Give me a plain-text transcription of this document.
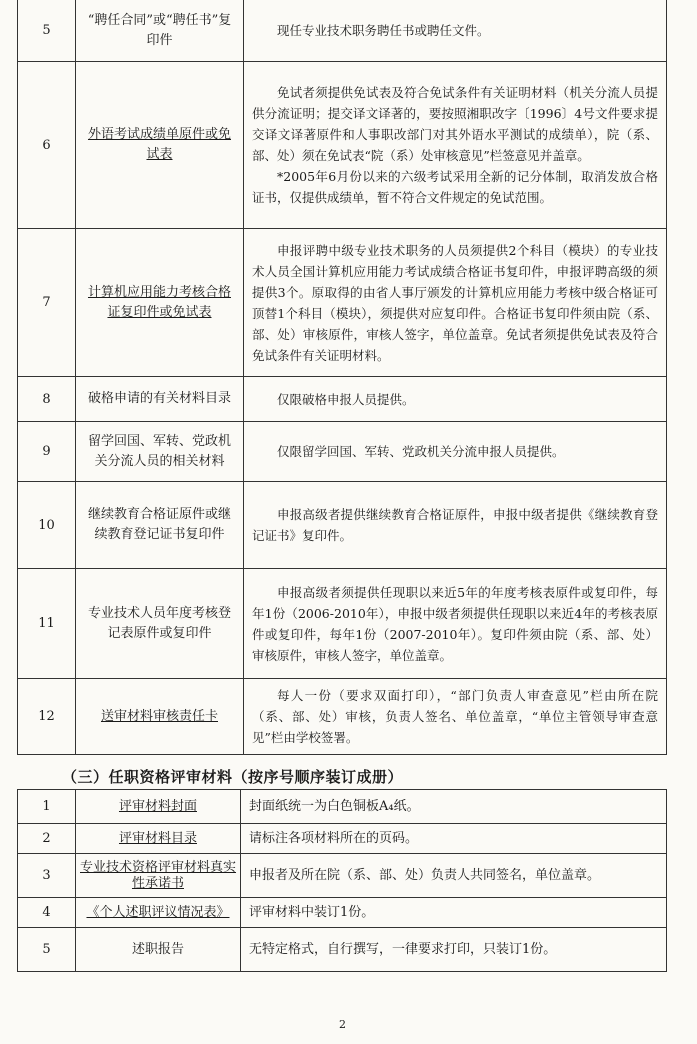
5	“聘任合同”或“聘任书”复印件	现任专业技术职务聘任书或聘任文件。

6	外语考试成绩单原件或免试表	免试者须提供免试表及符合免试条件有关证明材料（机关分流人员提供分流证明；提交译文译著的，要按照湘职改字〔1996〕4号文件要求提交译文译著原件和人事职改部门对其外语水平测试的成绩单），院（系、部、处）须在免试表“院（系）处审核意见”栏签意见并盖章。

*2005年6月份以来的六级考试采用全新的记分体制，取消发放合格证书，仅提供成绩单，暂不符合文件规定的免试范围。

7	计算机应用能力考核合格证复印件或免试表	申报评聘中级专业技术职务的人员须提供2个科目（模块）的专业技术人员全国计算机应用能力考试成绩合格证书复印件，申报评聘高级的须提供3个。原取得的由省人事厅颁发的计算机应用能力考核中级合格证可顶替1个科目（模块），须提供对应复印件。合格证书复印件须由院（系、部、处）审核原件，审核人签字，单位盖章。免试者须提供免试表及符合免试条件有关证明材料。

8	破格申请的有关材料目录	仅限破格申报人员提供。

9	留学回国、军转、党政机关分流人员的相关材料	仅限留学回国、军转、党政机关分流申报人员提供。

10	继续教育合格证原件或继续教育登记证书复印件	申报高级者提供继续教育合格证原件，申报中级者提供《继续教育登记证书》复印件。

11	专业技术人员年度考核登记表原件或复印件	申报高级者须提供任现职以来近5年的年度考核表原件或复印件，每年1份（2006-2010年），申报中级者须提供任现职以来近4年的考核表原件或复印件，每年1份（2007-2010年）。复印件须由院（系、部、处）审核原件，审核人签字，单位盖章。

12	送审材料审核责任卡	每人一份（要求双面打印），“部门负责人审查意见”栏由所在院（系、部、处）审核，负责人签名、单位盖章，“单位主管领导审查意见”栏由学校签署。

（三）任职资格评审材料（按序号顺序装订成册）
1	评审材料封面	封面纸统一为白色铜板A₄纸。
2	评审材料目录	请标注各项材料所在的页码。
3	专业技术资格评审材料真实性承诺书	申报者及所在院（系、部、处）负责人共同签名，单位盖章。
4	《个人述职评议情况表》	评审材料中装订1份。
5	述职报告	无特定格式，自行撰写，一律要求打印，只装订1份。
2
